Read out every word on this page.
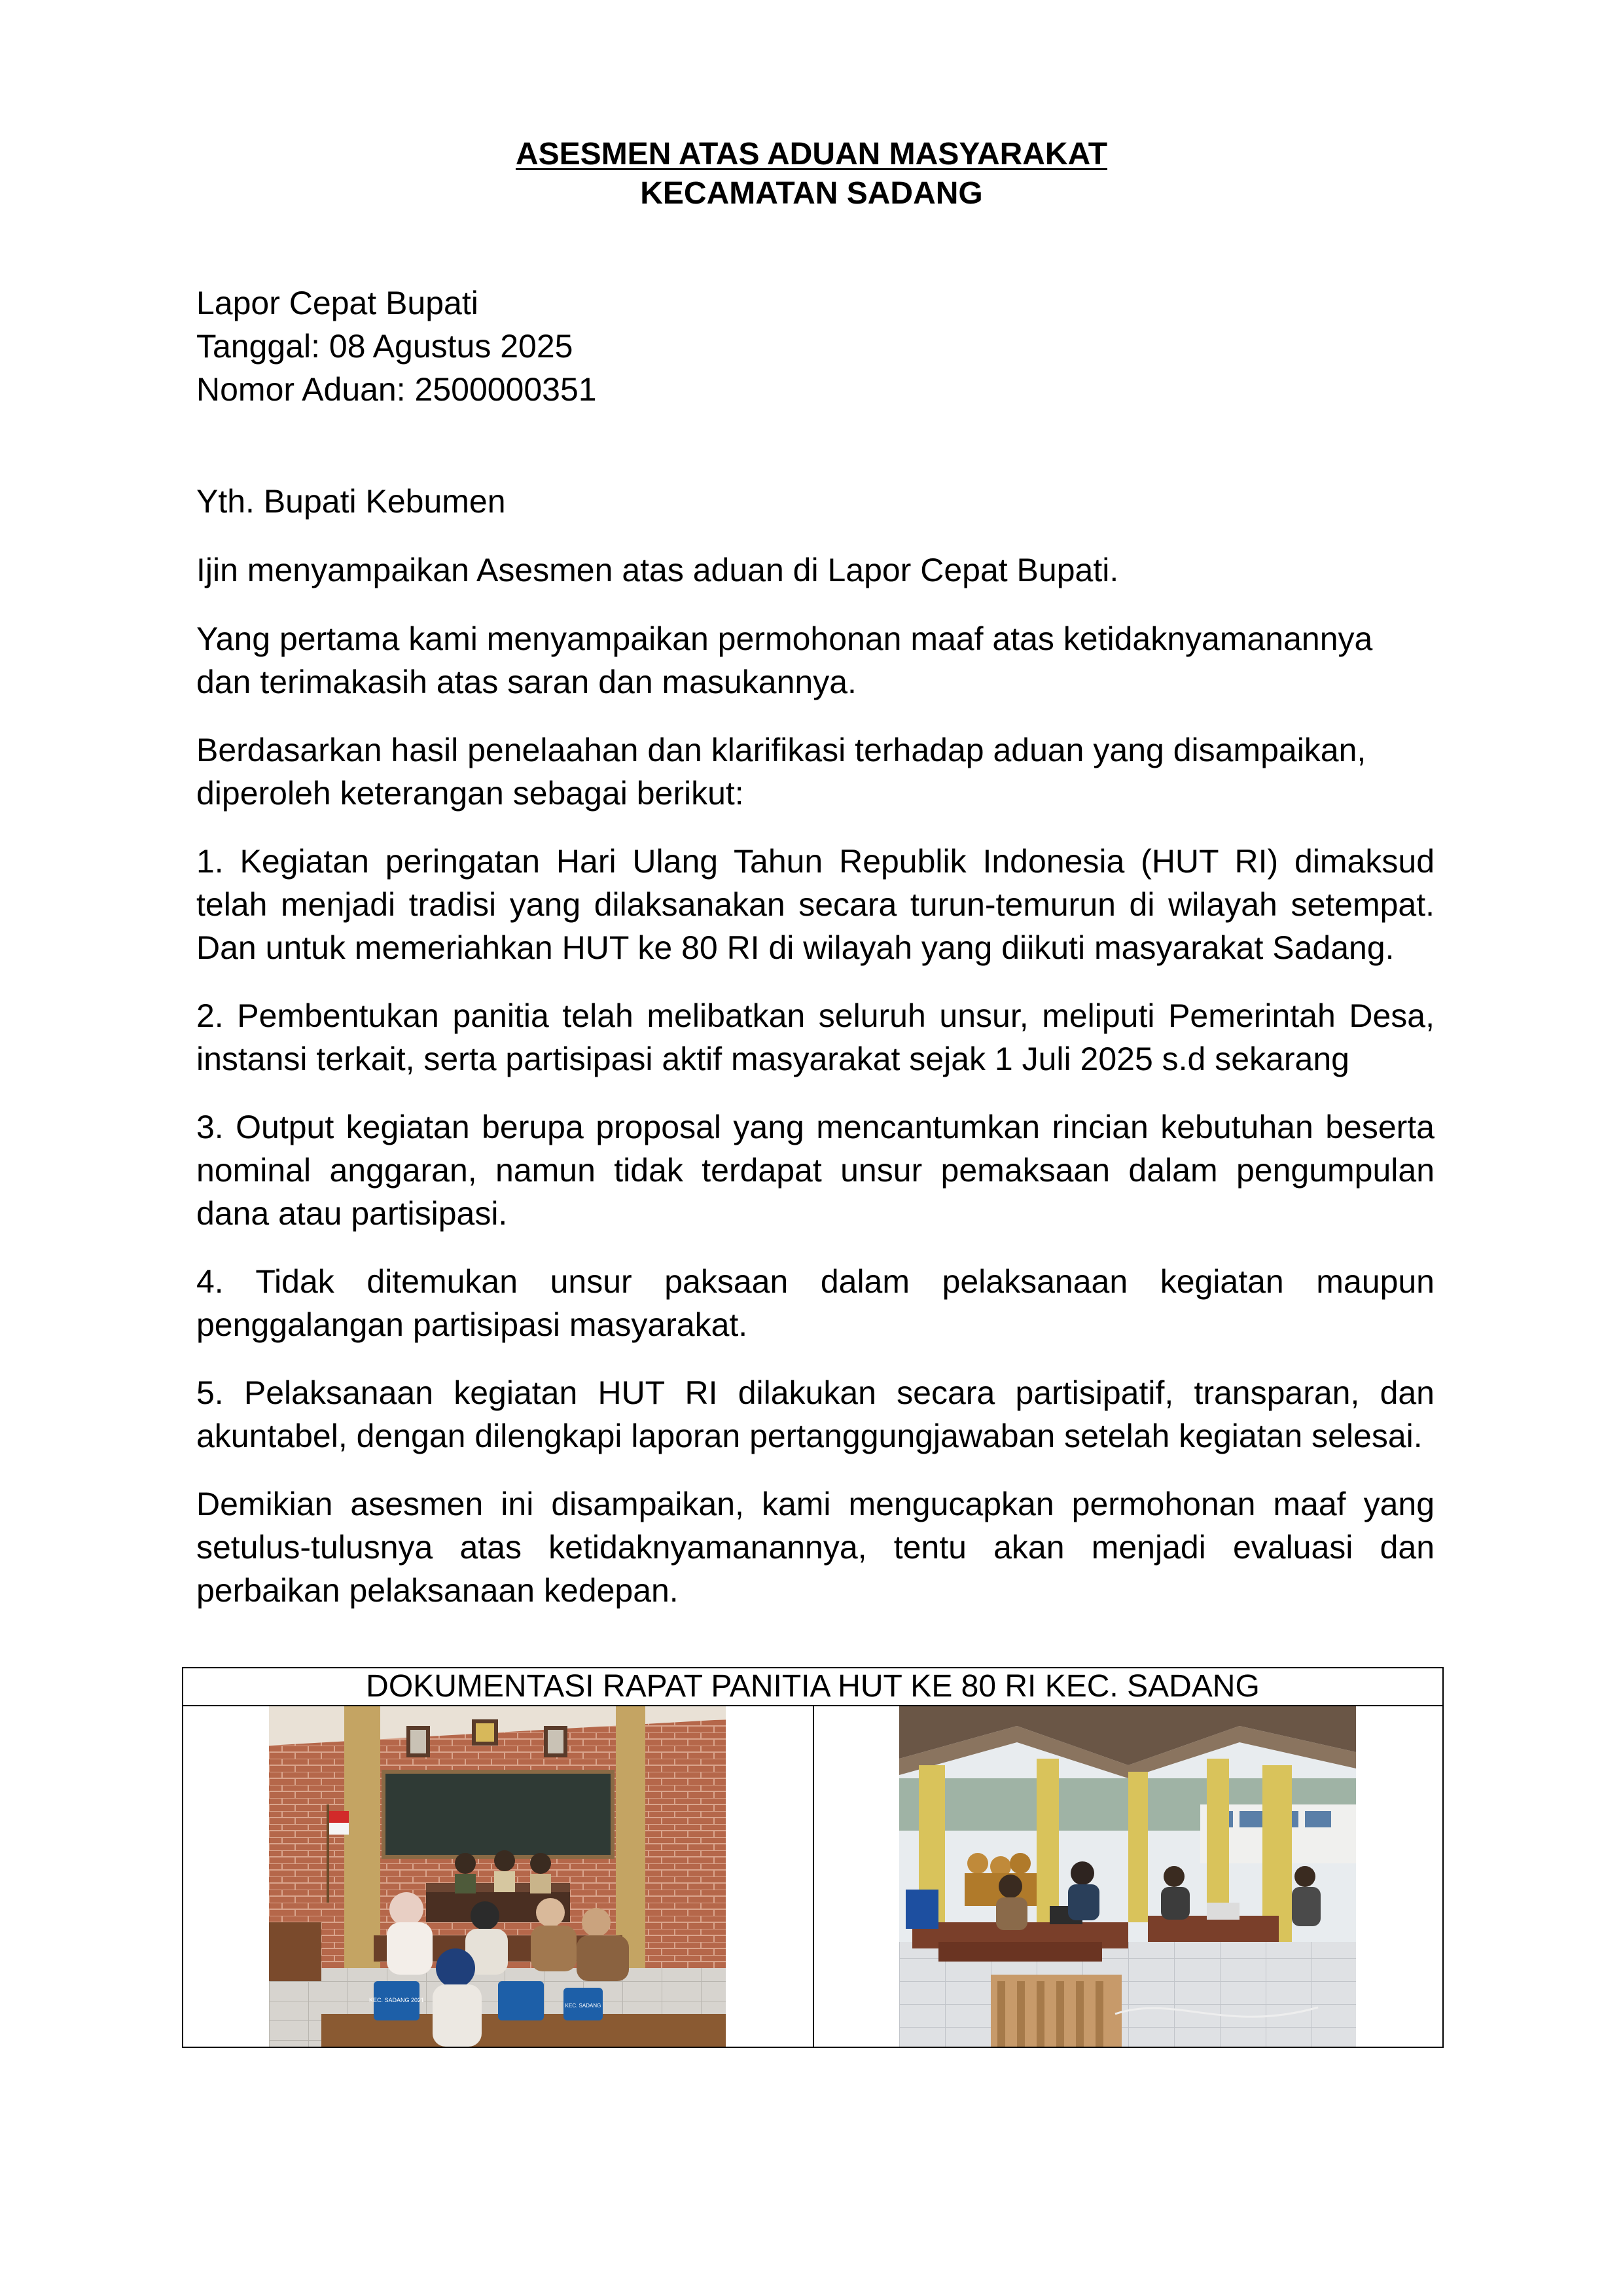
ASESMEN ATAS ADUAN MASYARAKAT
KECAMATAN SADANG
Lapor Cepat Bupati
Tanggal: 08 Agustus 2025
Nomor Aduan: 2500000351
Yth. Bupati Kebumen
Ijin menyampaikan Asesmen atas aduan di Lapor Cepat Bupati.
Yang pertama kami menyampaikan permohonan maaf atas ketidaknyamanannya
dan terimakasih atas saran dan masukannya.
Berdasarkan hasil penelaahan dan klarifikasi terhadap aduan yang disampaikan,
diperoleh keterangan sebagai berikut:
1. Kegiatan peringatan Hari Ulang Tahun Republik Indonesia (HUT RI) dimaksud telah menjadi tradisi yang dilaksanakan secara turun-temurun di wilayah setempat. Dan untuk memeriahkan HUT ke 80 RI di wilayah yang diikuti masyarakat Sadang.
2. Pembentukan panitia telah melibatkan seluruh unsur, meliputi Pemerintah Desa, instansi terkait, serta partisipasi aktif masyarakat sejak 1 Juli 2025 s.d sekarang
3. Output kegiatan berupa proposal yang mencantumkan rincian kebutuhan beserta nominal anggaran, namun tidak terdapat unsur pemaksaan dalam pengumpulan dana atau partisipasi.
4. Tidak ditemukan unsur paksaan dalam pelaksanaan kegiatan maupun penggalangan partisipasi masyarakat.
5. Pelaksanaan kegiatan HUT RI dilakukan secara partisipatif, transparan, dan akuntabel, dengan dilengkapi laporan pertanggungjawaban setelah kegiatan selesai.
Demikian asesmen ini disampaikan, kami mengucapkan permohonan maaf yang setulus-tulusnya atas ketidaknyamanannya, tentu akan menjadi evaluasi dan perbaikan pelaksanaan kedepan.
DOKUMENTASI RAPAT PANITIA HUT KE 80 RI KEC. SADANG
KEC. SADANG 2021
KEC. SADANG
